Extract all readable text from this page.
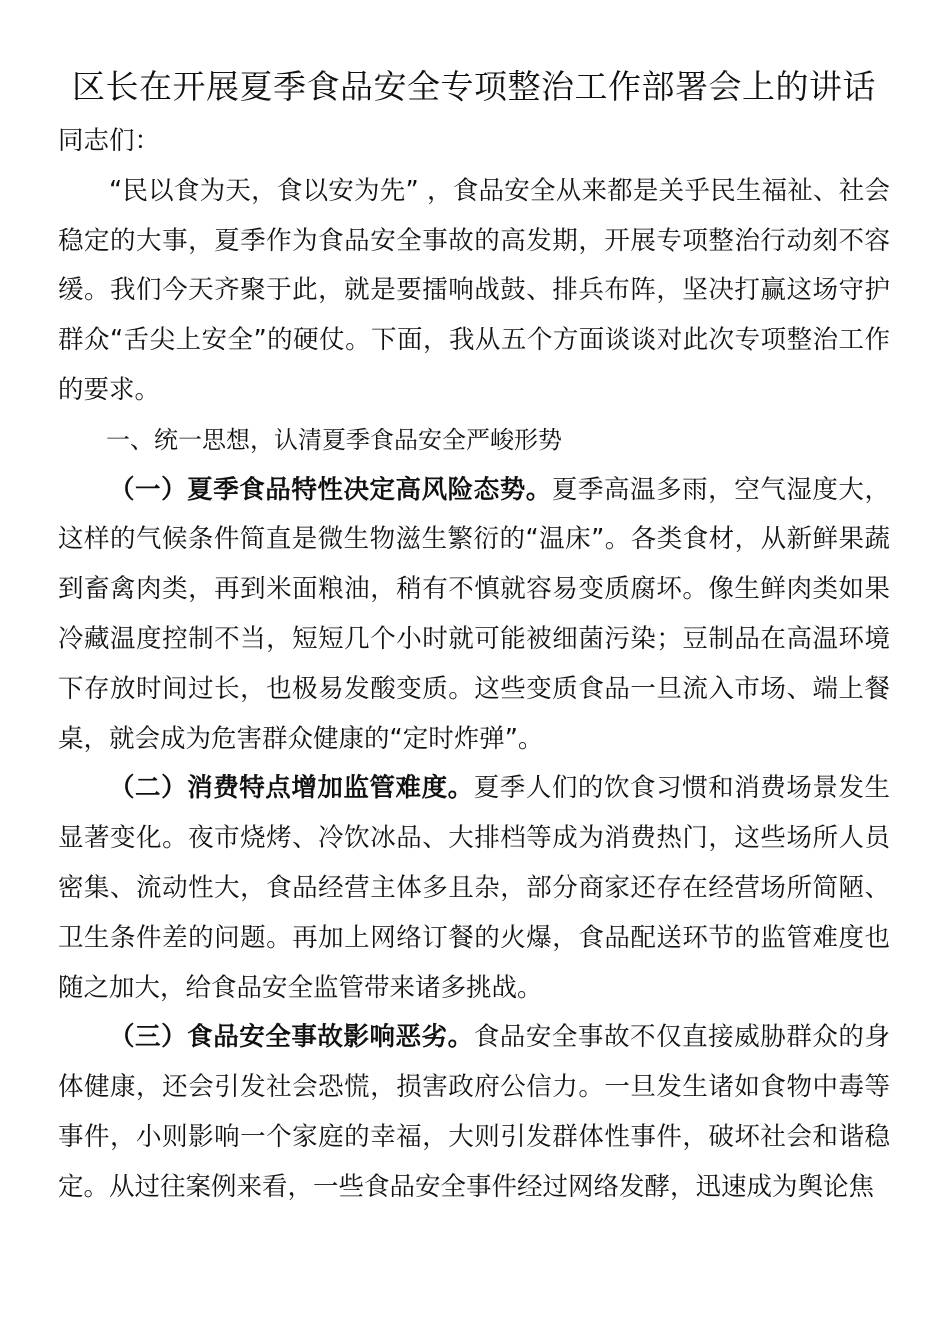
区长在开展夏季食品安全专项整治工作部署会上的讲话

同志们：

“民以食为天，食以安为先” ，食品安全从来都是关乎民生福祉、社会稳定的大事，夏季作为食品安全事故的高发期，开展专项整治行动刻不容缓。我们今天齐聚于此，就是要擂响战鼓、排兵布阵，坚决打赢这场守护群众“舌尖上安全”的硬仗。下面，我从五个方面谈谈对此次专项整治工作的要求。

一、统一思想，认清夏季食品安全严峻形势

（一）夏季食品特性决定高风险态势。夏季高温多雨，空气湿度大，这样的气候条件简直是微生物滋生繁衍的“温床”。各类食材，从新鲜果蔬到畜禽肉类，再到米面粮油，稍有不慎就容易变质腐坏。像生鲜肉类如果冷藏温度控制不当，短短几个小时就可能被细菌污染；豆制品在高温环境下存放时间过长，也极易发酸变质。这些变质食品一旦流入市场、端上餐桌，就会成为危害群众健康的“定时炸弹”。

（二）消费特点增加监管难度。夏季人们的饮食习惯和消费场景发生显著变化。夜市烧烤、冷饮冰品、大排档等成为消费热门，这些场所人员密集、流动性大，食品经营主体多且杂，部分商家还存在经营场所简陋、卫生条件差的问题。再加上网络订餐的火爆，食品配送环节的监管难度也随之加大，给食品安全监管带来诸多挑战。

（三）食品安全事故影响恶劣。食品安全事故不仅直接威胁群众的身体健康，还会引发社会恐慌，损害政府公信力。一旦发生诸如食物中毒等事件，小则影响一个家庭的幸福，大则引发群体性事件，破坏社会和谐稳定。从过往案例来看，一些食品安全事件经过网络发酵，迅速成为舆论焦
